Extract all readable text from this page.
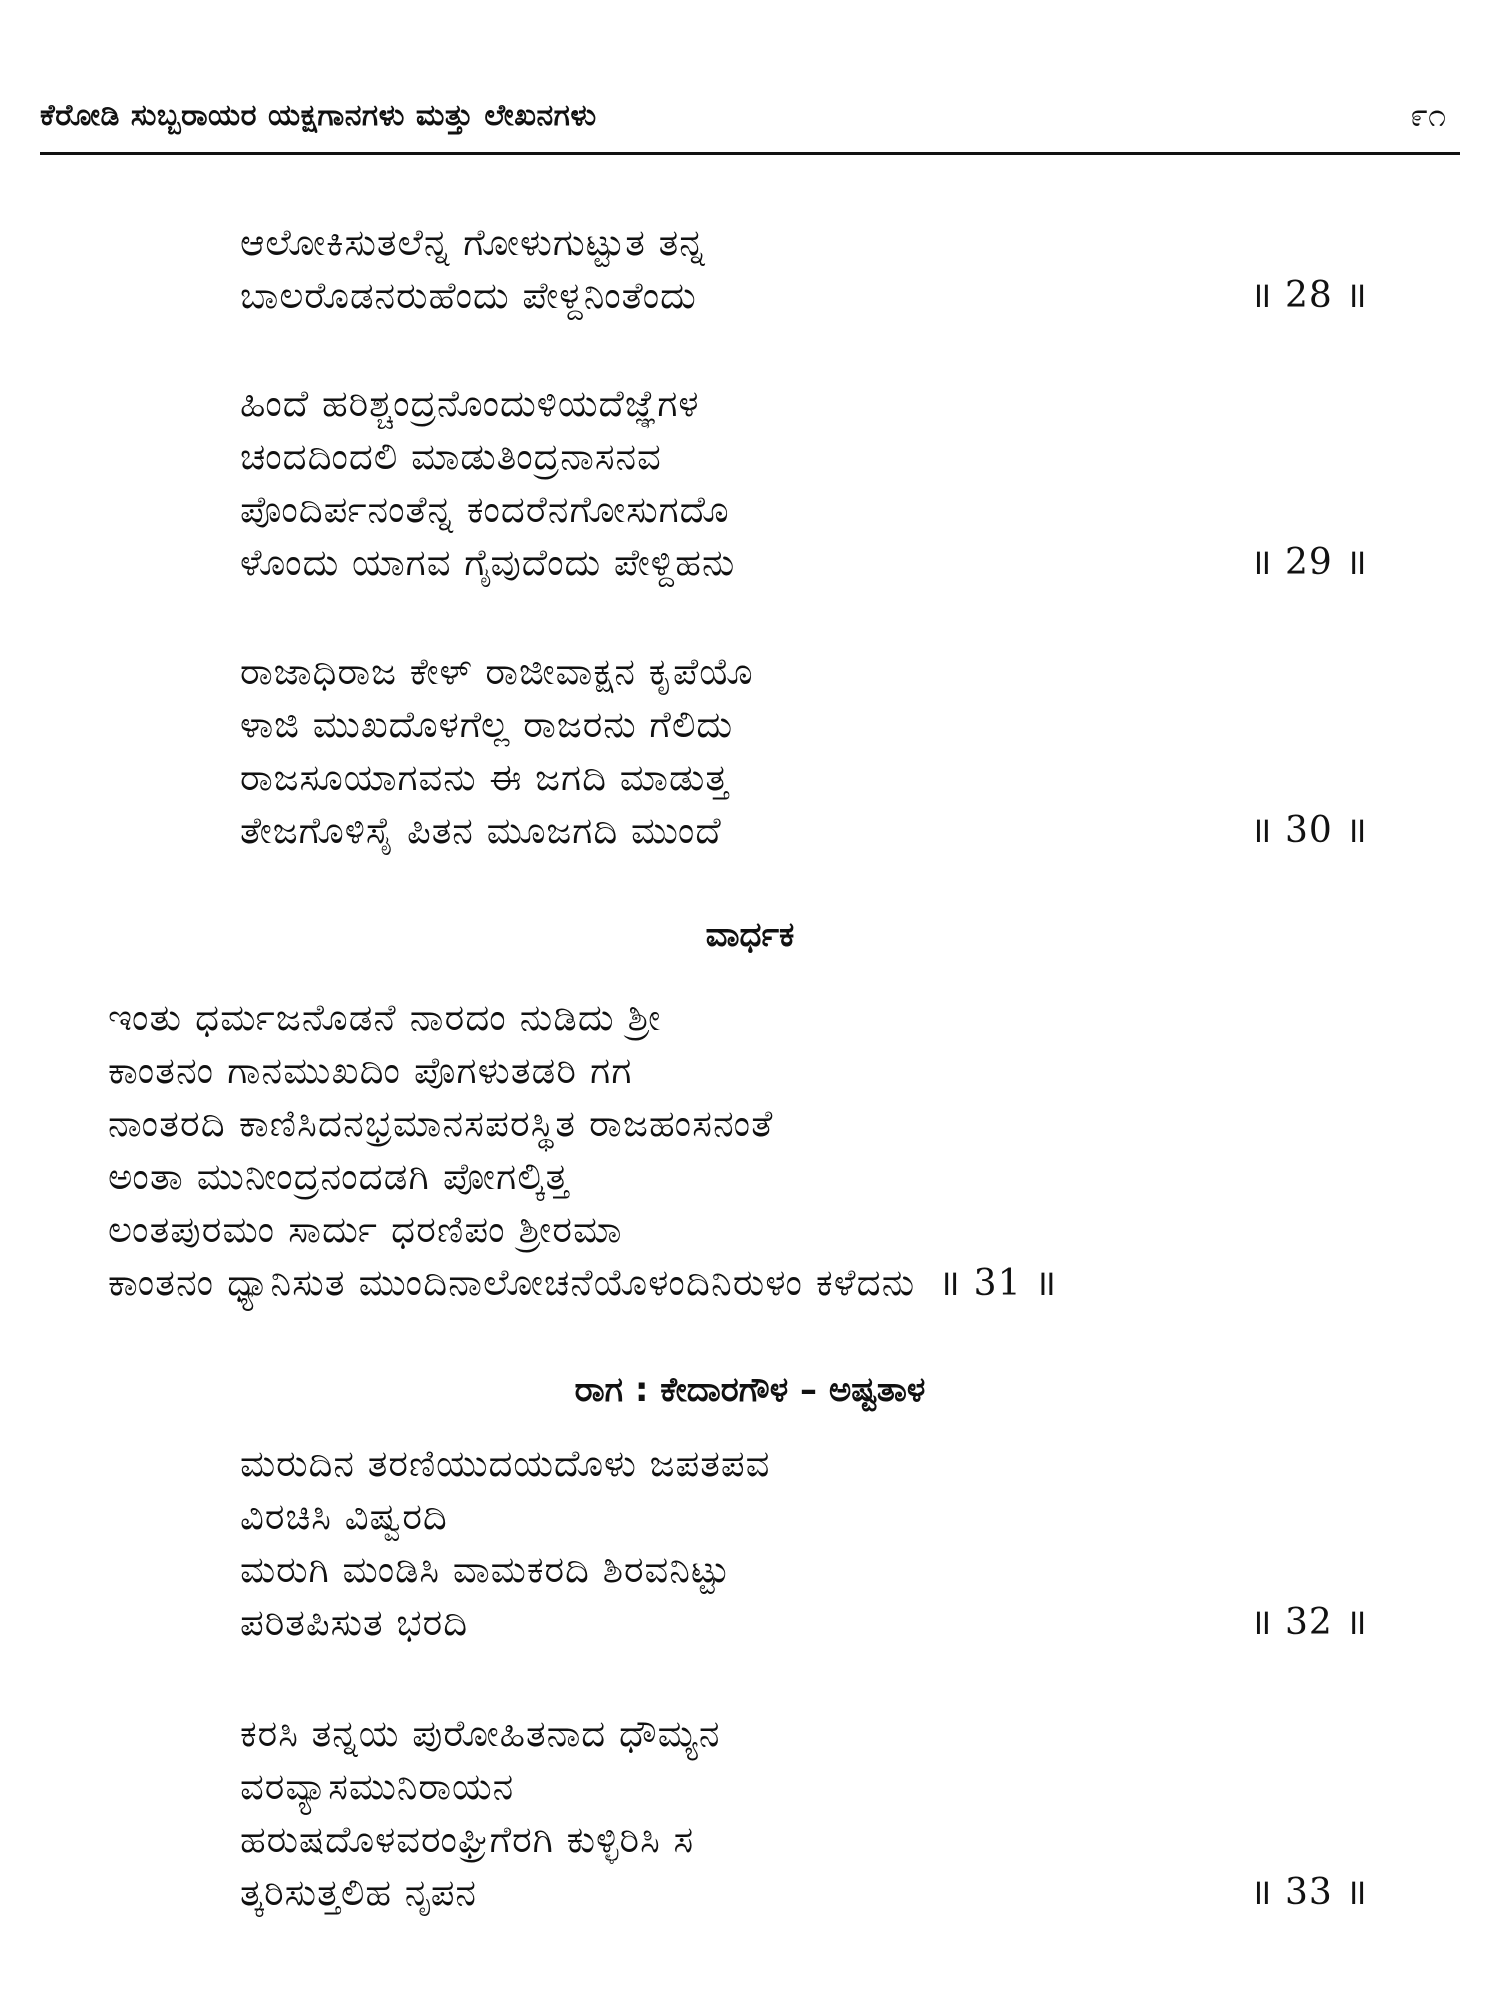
ಕೆರೋಡಿ ಸುಬ್ಬರಾಯರ ಯಕ್ಷಗಾನಗಳು ಮತ್ತು ಲೇಖನಗಳು	೯೧
ಆಲೋಕಿಸುತಲೆನ್ನ ಗೋಳುಗುಟ್ಟುತ ತನ್ನ
ಬಾಲರೊಡನರುಹೆಂದು ಪೇಳ್ದನಿಂತೆಂದು	॥ 28 ॥
ಹಿಂದೆ ಹರಿಶ್ಚಂದ್ರನೊಂದುಳಿಯದೆಜ್ಞೆಗಳ
ಚಂದದಿಂದಲಿ ಮಾಡುತಿಂದ್ರನಾಸನವ
ಪೊಂದಿರ್ಪನಂತೆನ್ನ ಕಂದರೆನಗೋಸುಗದೊ
ಳೊಂದು ಯಾಗವ ಗೈವುದೆಂದು ಪೇಳ್ದಿಹನು	॥ 29 ॥
ರಾಜಾಧಿರಾಜ ಕೇಳ್ ರಾಜೀವಾಕ್ಷನ ಕೃಪೆಯೊ
ಳಾಜಿ ಮುಖದೊಳಗೆಲ್ಲ ರಾಜರನು ಗೆಲಿದು
ರಾಜಸೂಯಾಗವನು ಈ ಜಗದಿ ಮಾಡುತ್ತ
ತೇಜಗೊಳಿಸೈ ಪಿತನ ಮೂಜಗದಿ ಮುಂದೆ	॥ 30 ॥
ವಾರ್ಧಕ
ಇಂತು ಧರ್ಮಜನೊಡನೆ ನಾರದಂ ನುಡಿದು ಶ್ರೀ
ಕಾಂತನಂ ಗಾನಮುಖದಿಂ ಪೊಗಳುತಡರಿ ಗಗ
ನಾಂತರದಿ ಕಾಣಿಸಿದನಭ್ರಮಾನಸಪರಸ್ಥಿತ ರಾಜಹಂಸನಂತೆ
ಅಂತಾ ಮುನೀಂದ್ರನಂದಡಗಿ ಪೋಗಲ್ಕಿತ್ತ
ಲಂತಪುರಮಂ ಸಾರ್ದು ಧರಣಿಪಂ ಶ್ರೀರಮಾ
ಕಾಂತನಂ ಧ್ಯಾನಿಸುತ ಮುಂದಿನಾಲೋಚನೆಯೊಳಂದಿನಿರುಳಂ ಕಳೆದನು ॥ 31 ॥
ರಾಗ : ಕೇದಾರಗೌಳ – ಅಷ್ಟತಾಳ
ಮರುದಿನ ತರಣಿಯುದಯದೊಳು ಜಪತಪವ
ವಿರಚಿಸಿ ವಿಷ್ವರದಿ
ಮರುಗಿ ಮಂಡಿಸಿ ವಾಮಕರದಿ ಶಿರವನಿಟ್ಟು
ಪರಿತಪಿಸುತ ಭರದಿ	॥ 32 ॥
ಕರಸಿ ತನ್ನಯ ಪುರೋಹಿತನಾದ ಧೌಮ್ಯನ
ವರವ್ಯಾಸಮುನಿರಾಯನ
ಹರುಷದೊಳವರಂಘ್ರಿಗೆರಗಿ ಕುಳ್ಳಿರಿಸಿ ಸ
ತ್ಕರಿಸುತ್ತಲಿಹ ನೃಪನ	॥ 33 ॥
